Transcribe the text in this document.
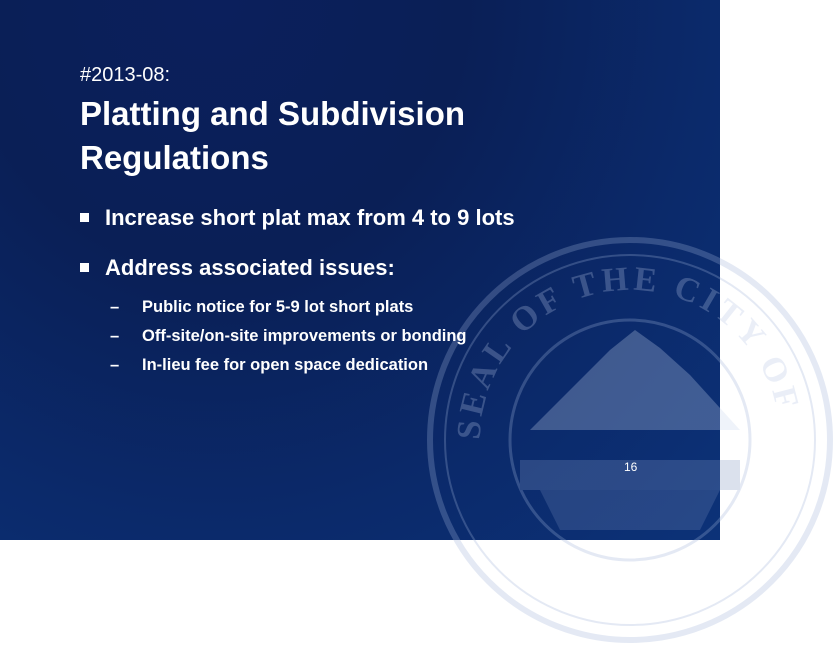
SEAL OF THE CITY OF
#2013-08:
Platting and Subdivision Regulations
Increase short plat max from 4 to 9 lots
Address associated issues:
– Public notice for 5-9 lot short plats
– Off-site/on-site improvements or bonding
– In-lieu fee for open space dedication
16
